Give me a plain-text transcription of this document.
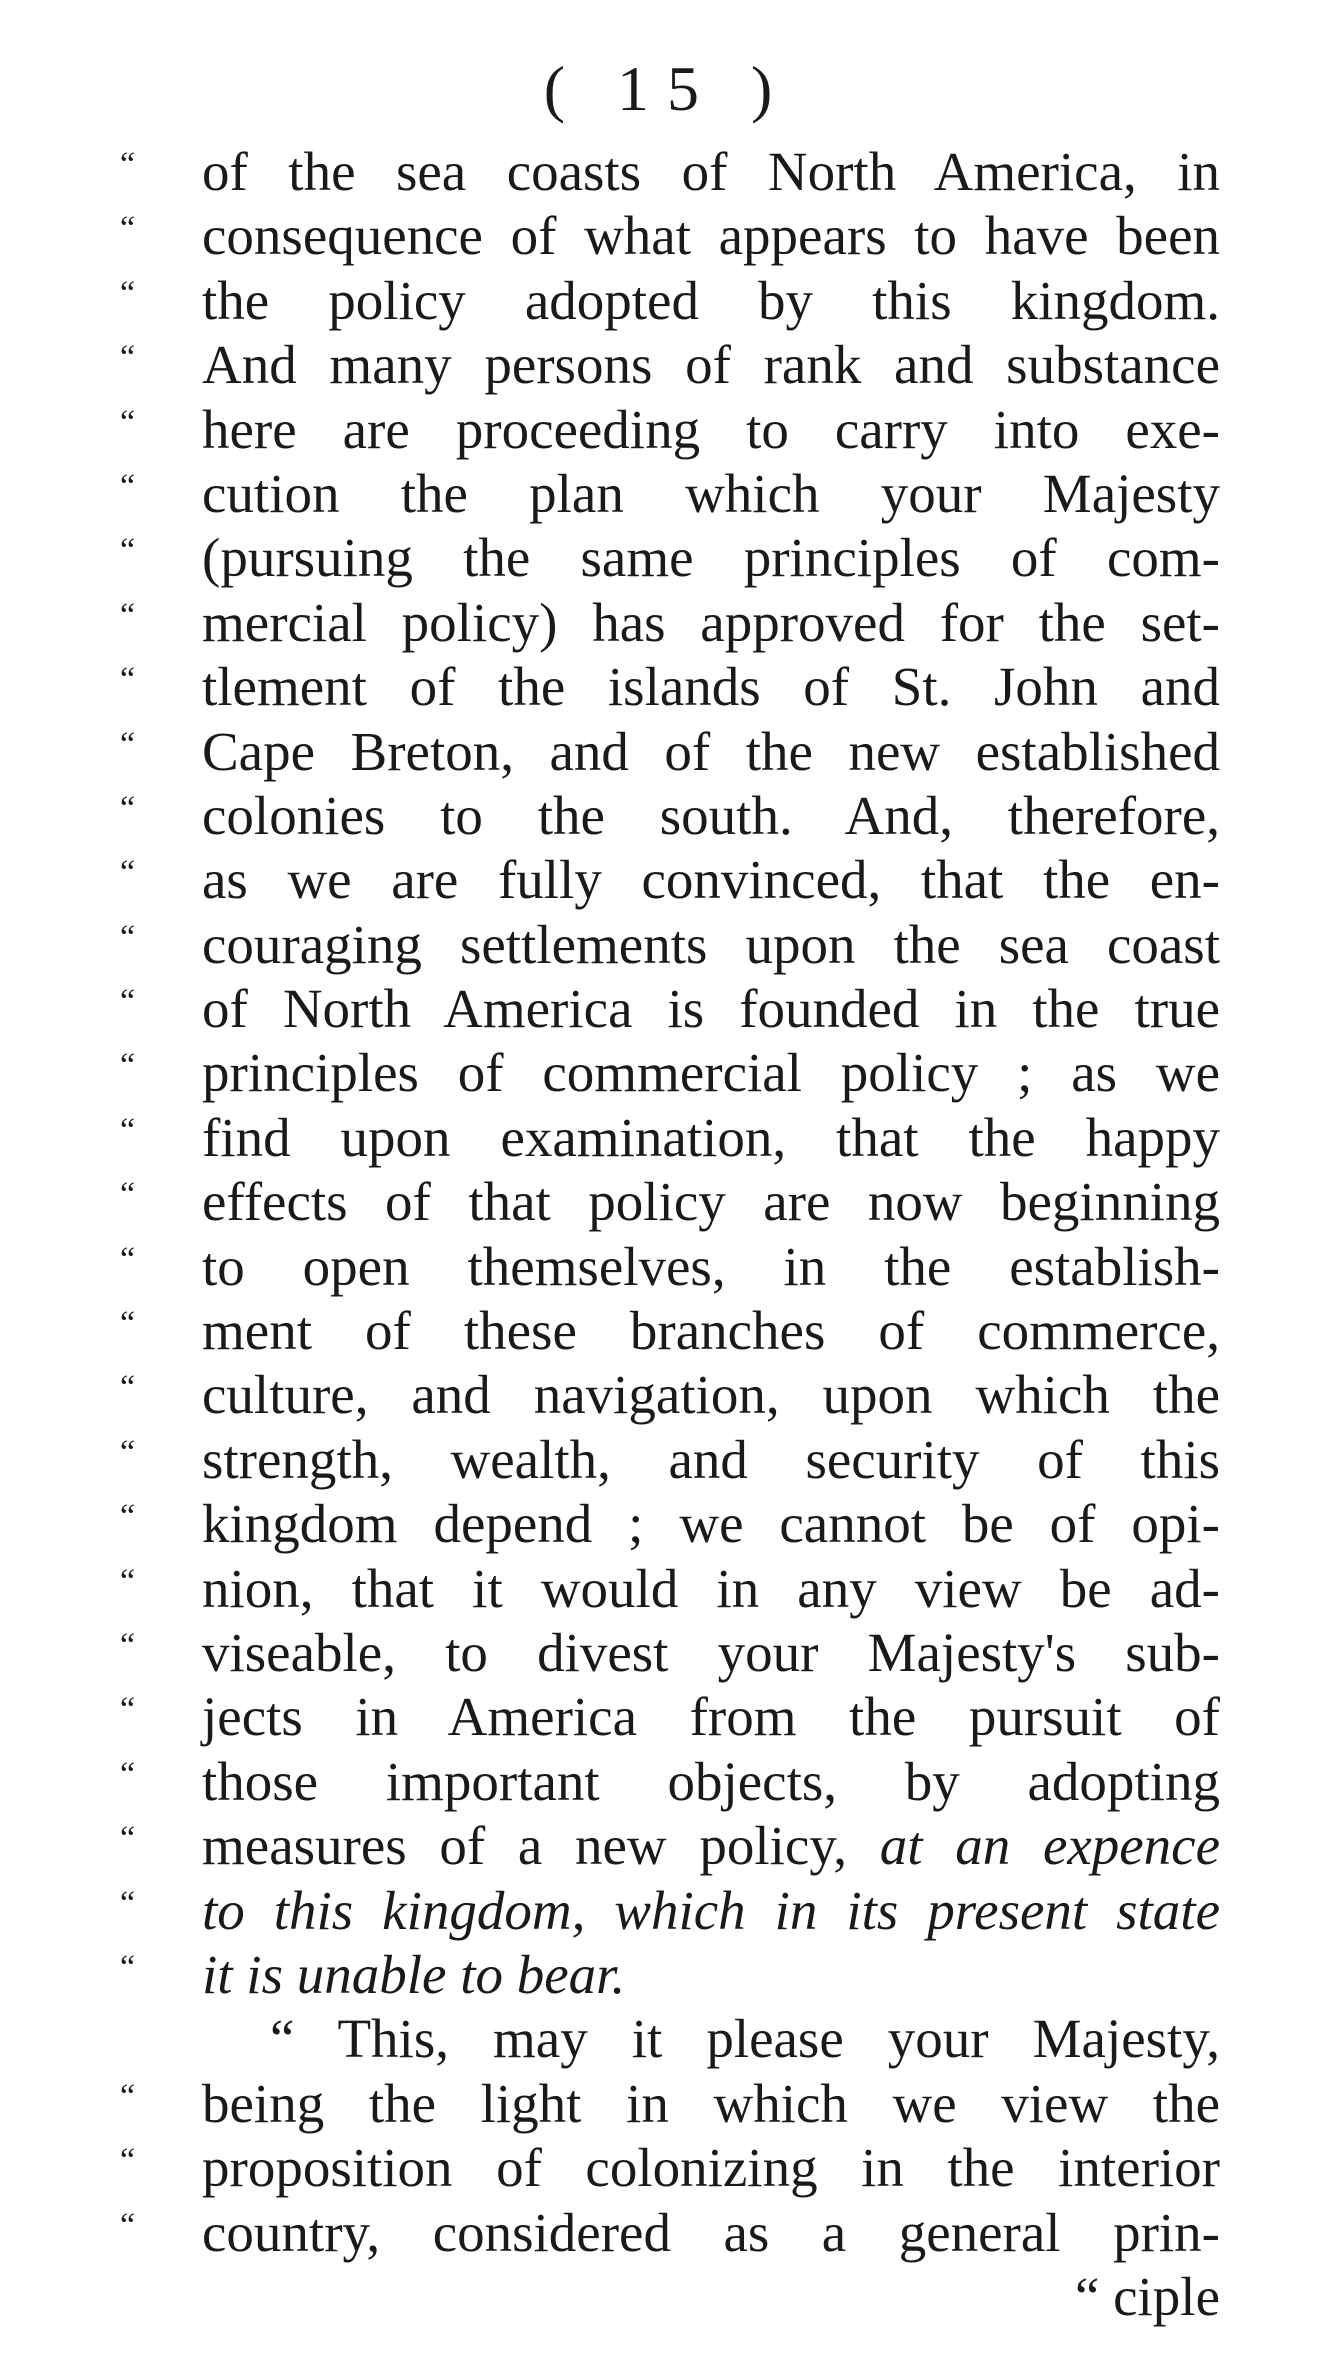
( 15 )
“ of the sea coasts of North America, in
“ consequence of what appears to have been
“ the policy adopted by this kingdom.
“ And many persons of rank and substance
“ here are proceeding to carry into exe-
“ cution the plan which your Majesty
“ (pursuing the same principles of com-
“ mercial policy) has approved for the set-
“ tlement of the islands of St. John and
“ Cape Breton, and of the new established
“ colonies to the south. And, therefore,
“ as we are fully convinced, that the en-
“ couraging settlements upon the sea coast
“ of North America is founded in the true
“ principles of commercial policy ; as we
“ find upon examination, that the happy
“ effects of that policy are now beginning
“ to open themselves, in the establish-
“ ment of these branches of commerce,
“ culture, and navigation, upon which the
“ strength, wealth, and security of this
“ kingdom depend ; we cannot be of opi-
“ nion, that it would in any view be ad-
“ viseable, to divest your Majesty's sub-
“ jects in America from the pursuit of
“ those important objects, by adopting
“ measures of a new policy, at an expence
“ to this kingdom, which in its present state
“ it is unable to bear.
“ This, may it please your Majesty,
“ being the light in which we view the
“ proposition of colonizing in the interior
“ country, considered as a general prin-
“ ciple
